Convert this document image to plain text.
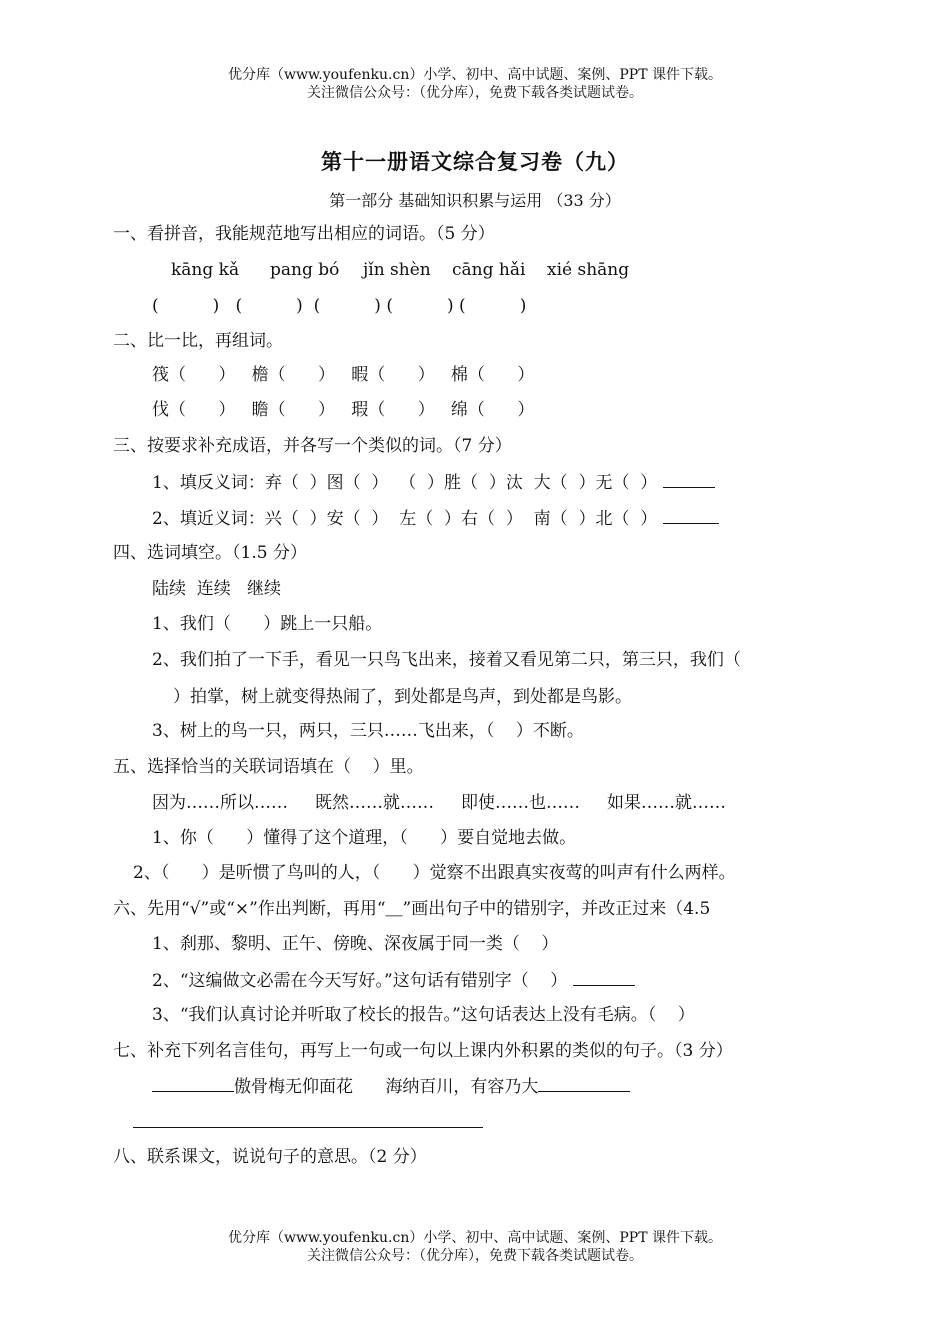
优分库（www.youfenku.cn）小学、初中、高中试题、案例、PPT 课件下载。
关注微信公众号：（优分库），免费下载各类试题试卷。
第十一册语文综合复习卷（九）
第一部分 基础知识积累与运用 （33 分）
一、看拼音，我能规范地写出相应的词语。（5 分）
kāng kǎ pang bó jǐn shèn cāng hǎi xié shāng
(          )   (          )  (          ) (          ) (          )
二、比一比，再组词。
筏（      ）   檐（      ）   暇（      ）   棉（      ）
伐（      ）   瞻（      ）   瑕（      ）   绵（      ）
三、按要求补充成语，并各写一个类似的词。（7 分）
1、填反义词：弃（  ）图（  ）  （  ）胜（  ）汰  大（  ）无（  ）
2、填近义词：兴（  ）安（  ）  左（  ）右（  ）  南（  ）北（  ）
四、选词填空。（1.5 分）
陆续  连续   继续
1、我们（      ）跳上一只船。
2、我们拍了一下手，看见一只鸟飞出来，接着又看见第二只，第三只，我们（
）拍掌，树上就变得热闹了，到处都是鸟声，到处都是鸟影。
3、树上的鸟一只，两只，三只……飞出来，（    ）不断。
五、选择恰当的关联词语填在（    ）里。
因为……所以……     既然……就……     即使……也……     如果……就……
1、你（      ）懂得了这个道理，（      ）要自觉地去做。
2、（      ）是听惯了鸟叫的人，（      ）觉察不出跟真实夜莺的叫声有什么两样。
六、先用“√”或“×”作出判断，再用“＿”画出句子中的错别字，并改正过来（4.5
1、刹那、黎明、正午、傍晚、深夜属于同一类（    ）
2、“这编做文必需在今天写好。”这句话有错别字（    ）
3、“我们认真讨论并听取了校长的报告。”这句话表达上没有毛病。（    ）
七、补充下列名言佳句，再写上一句或一句以上课内外积累的类似的句子。（3 分）
傲骨梅无仰面花 海纳百川，有容乃大
八、联系课文，说说句子的意思。（2 分）
优分库（www.youfenku.cn）小学、初中、高中试题、案例、PPT 课件下载。
关注微信公众号：（优分库），免费下载各类试题试卷。
